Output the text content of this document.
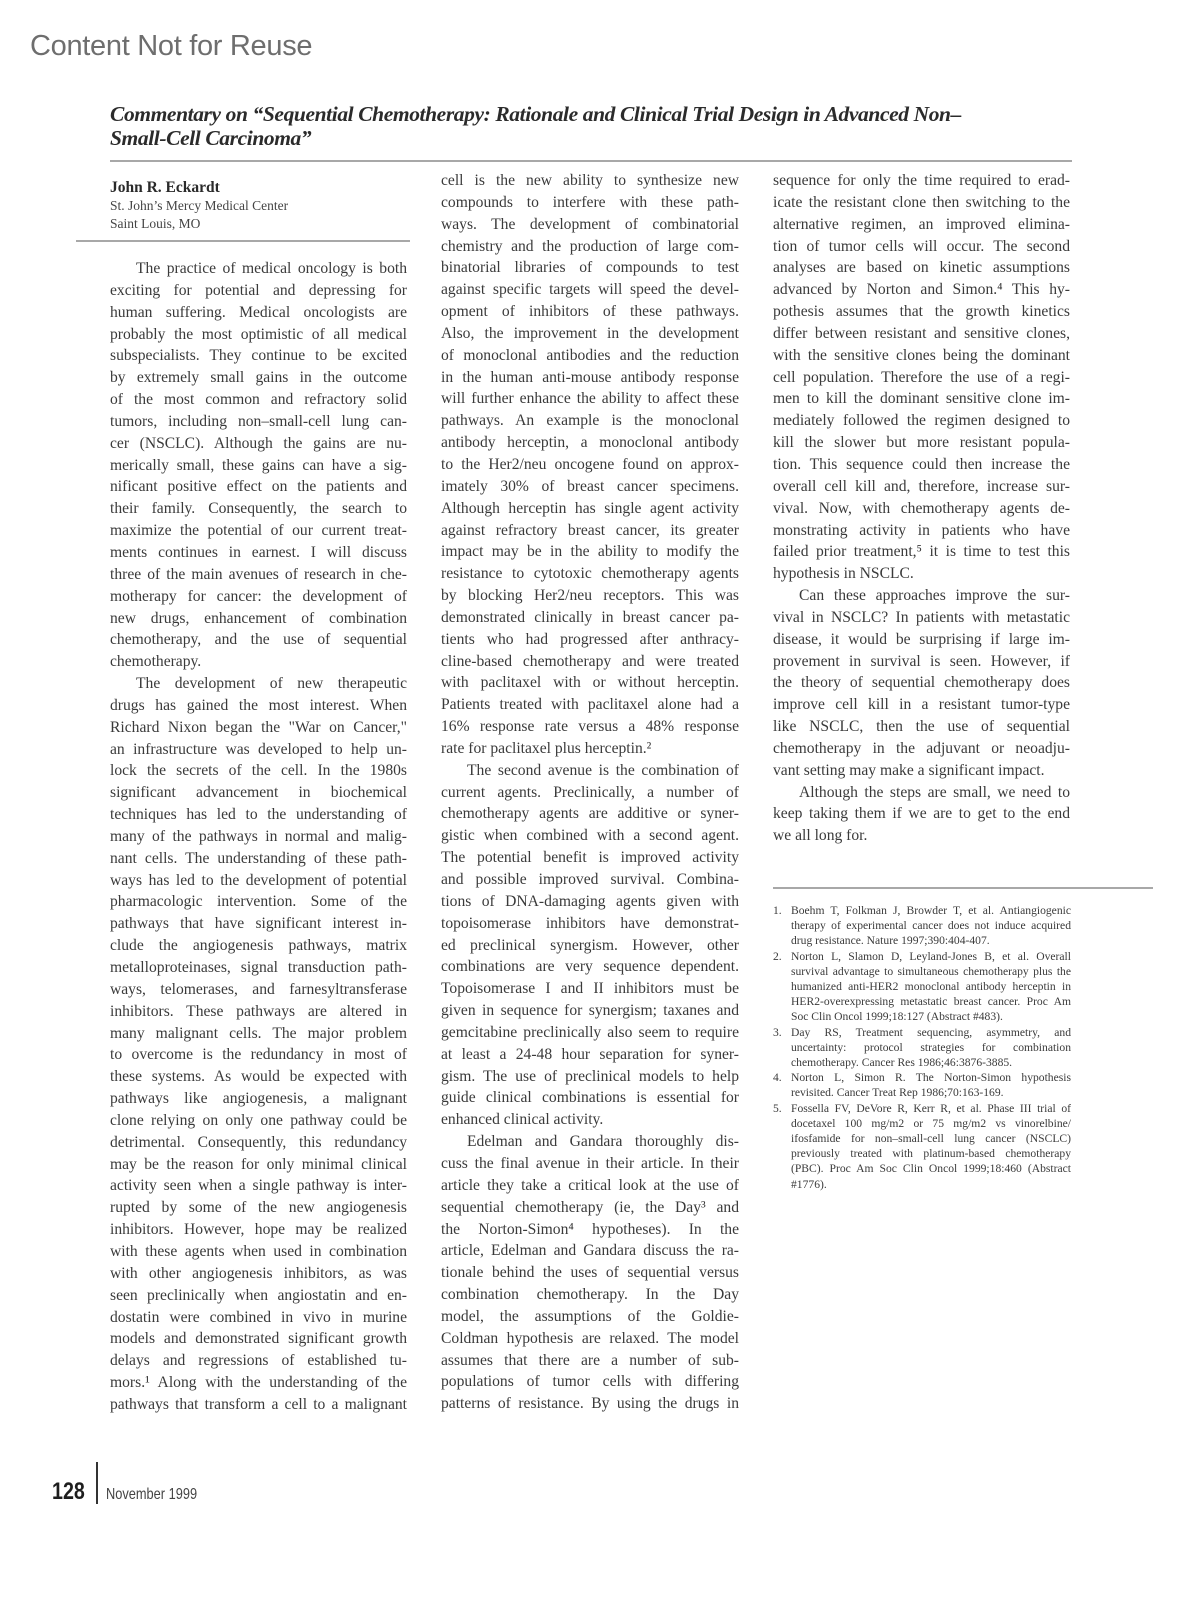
Content Not for Reuse
Commentary on “Sequential Chemotherapy: Rationale and Clinical Trial Design in Advanced Non–
Small-Cell Carcinoma”
John R. Eckardt
St. John’s Mercy Medical Center
Saint Louis, MO
The practice of medical oncology is both
exciting for potential and depressing for
human suffering. Medical oncologists are
probably the most optimistic of all medical
subspecialists. They continue to be excited
by extremely small gains in the outcome
of the most common and refractory solid
tumors, including non–small-cell lung can-
cer (NSCLC). Although the gains are nu-
merically small, these gains can have a sig-
nificant positive effect on the patients and
their family. Consequently, the search to
maximize the potential of our current treat-
ments continues in earnest. I will discuss
three of the main avenues of research in che-
motherapy for cancer: the development of
new drugs, enhancement of combination
chemotherapy, and the use of sequential
chemotherapy.
The development of new therapeutic
drugs has gained the most interest. When
Richard Nixon began the "War on Cancer,"
an infrastructure was developed to help un-
lock the secrets of the cell. In the 1980s
significant advancement in biochemical
techniques has led to the understanding of
many of the pathways in normal and malig-
nant cells. The understanding of these path-
ways has led to the development of potential
pharmacologic intervention. Some of the
pathways that have significant interest in-
clude the angiogenesis pathways, matrix
metalloproteinases, signal transduction path-
ways, telomerases, and farnesyltransferase
inhibitors. These pathways are altered in
many malignant cells. The major problem
to overcome is the redundancy in most of
these systems. As would be expected with
pathways like angiogenesis, a malignant
clone relying on only one pathway could be
detrimental. Consequently, this redundancy
may be the reason for only minimal clinical
activity seen when a single pathway is inter-
rupted by some of the new angiogenesis
inhibitors. However, hope may be realized
with these agents when used in combination
with other angiogenesis inhibitors, as was
seen preclinically when angiostatin and en-
dostatin were combined in vivo in murine
models and demonstrated significant growth
delays and regressions of established tu-
mors.¹ Along with the understanding of the
pathways that transform a cell to a malignant
cell is the new ability to synthesize new
compounds to interfere with these path-
ways. The development of combinatorial
chemistry and the production of large com-
binatorial libraries of compounds to test
against specific targets will speed the devel-
opment of inhibitors of these pathways.
Also, the improvement in the development
of monoclonal antibodies and the reduction
in the human anti-mouse antibody response
will further enhance the ability to affect these
pathways. An example is the monoclonal
antibody herceptin, a monoclonal antibody
to the Her2/neu oncogene found on approx-
imately 30% of breast cancer specimens.
Although herceptin has single agent activity
against refractory breast cancer, its greater
impact may be in the ability to modify the
resistance to cytotoxic chemotherapy agents
by blocking Her2/neu receptors. This was
demonstrated clinically in breast cancer pa-
tients who had progressed after anthracy-
cline-based chemotherapy and were treated
with paclitaxel with or without herceptin.
Patients treated with paclitaxel alone had a
16% response rate versus a 48% response
rate for paclitaxel plus herceptin.²
The second avenue is the combination of
current agents. Preclinically, a number of
chemotherapy agents are additive or syner-
gistic when combined with a second agent.
The potential benefit is improved activity
and possible improved survival. Combina-
tions of DNA-damaging agents given with
topoisomerase inhibitors have demonstrat-
ed preclinical synergism. However, other
combinations are very sequence dependent.
Topoisomerase I and II inhibitors must be
given in sequence for synergism; taxanes and
gemcitabine preclinically also seem to require
at least a 24-48 hour separation for syner-
gism. The use of preclinical models to help
guide clinical combinations is essential for
enhanced clinical activity.
Edelman and Gandara thoroughly dis-
cuss the final avenue in their article. In their
article they take a critical look at the use of
sequential chemotherapy (ie, the Day³ and
the Norton-Simon⁴ hypotheses). In the
article, Edelman and Gandara discuss the ra-
tionale behind the uses of sequential versus
combination chemotherapy. In the Day
model, the assumptions of the Goldie-
Coldman hypothesis are relaxed. The model
assumes that there are a number of sub-
populations of tumor cells with differing
patterns of resistance. By using the drugs in
sequence for only the time required to erad-
icate the resistant clone then switching to the
alternative regimen, an improved elimina-
tion of tumor cells will occur. The second
analyses are based on kinetic assumptions
advanced by Norton and Simon.⁴ This hy-
pothesis assumes that the growth kinetics
differ between resistant and sensitive clones,
with the sensitive clones being the dominant
cell population. Therefore the use of a regi-
men to kill the dominant sensitive clone im-
mediately followed the regimen designed to
kill the slower but more resistant popula-
tion. This sequence could then increase the
overall cell kill and, therefore, increase sur-
vival. Now, with chemotherapy agents de-
monstrating activity in patients who have
failed prior treatment,⁵ it is time to test this
hypothesis in NSCLC.
Can these approaches improve the sur-
vival in NSCLC? In patients with metastatic
disease, it would be surprising if large im-
provement in survival is seen. However, if
the theory of sequential chemotherapy does
improve cell kill in a resistant tumor-type
like NSCLC, then the use of sequential
chemotherapy in the adjuvant or neoadju-
vant setting may make a significant impact.
Although the steps are small, we need to
keep taking them if we are to get to the end
we all long for.
1. Boehm T, Folkman J, Browder T, et al. Antiangiogenic therapy of experimental cancer does not induce acquired drug resistance. Nature 1997;390:404-407.
2. Norton L, Slamon D, Leyland-Jones B, et al. Overall survival advantage to simultaneous chemotherapy plus the humanized anti-HER2 monoclonal antibody herceptin in HER2-overexpressing metastatic breast cancer. Proc Am Soc Clin Oncol 1999;18:127 (Abstract #483).
3. Day RS, Treatment sequencing, asymmetry, and uncertainty: protocol strategies for combination chemotherapy. Cancer Res 1986;46:3876-3885.
4. Norton L, Simon R. The Norton-Simon hypothesis revisited. Cancer Treat Rep 1986;70:163-169.
5. Fossella FV, DeVore R, Kerr R, et al. Phase III trial of docetaxel 100 mg/m2 or 75 mg/m2 vs vinorelbine/ ifosfamide for non–small-cell lung cancer (NSCLC) previously treated with platinum-based chemotherapy (PBC). Proc Am Soc Clin Oncol 1999;18:460 (Abstract #1776).
128 November 1999
